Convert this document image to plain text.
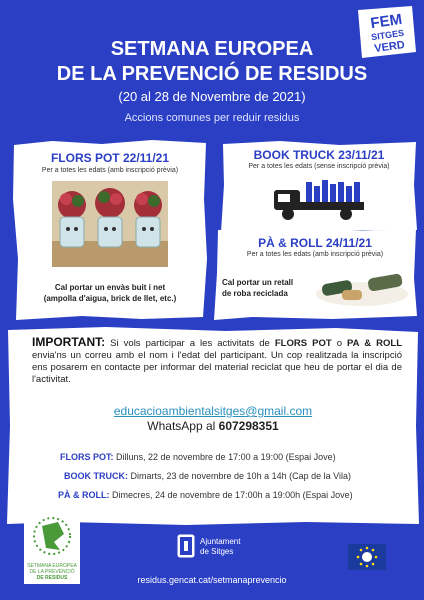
FEM
SITGES
VERD
SETMANA EUROPEA
DE LA PREVENCIÓ DE RESIDUS
(20 al 28 de Novembre de 2021)
Accions comunes per reduir residus
FLORS POT 22/11/21
Per a totes les edats (amb inscripció prèvia)
Cal portar un envàs buit i net
(ampolla d'aigua, brick de llet, etc.)
BOOK TRUCK 23/11/21
Per a totes les edats (sense inscripció prèvia)
PÀ & ROLL 24/11/21
Per a totes les edats (amb inscripció prèvia)
Cal portar un retall
de roba reciclada
IMPORTANT: Si vols participar a les activitats de FLORS POT o PA & ROLL envia'ns un correu amb el nom i l'edat del participant. Un cop realitzada la inscripció ens posarem en contacte per informar del material reciclat que heu de portar el dia de l'activitat.
educacioambientalsitges@gmail.com
WhatsApp al 607298351
FLORS POT: Dilluns, 22 de novembre de 17:00 a 19:00 (Espai Jove)
BOOK TRUCK: Dimarts, 23 de novembre de 10h a 14h (Cap de la Vila)
PÀ & ROLL: Dimecres, 24 de novembre de 17:00h a 19:00h (Espai Jove)
Us esperem!
SETMANA EUROPEA
DE LA PREVENCIÓ
DE RESIDUS
Ajuntament
de Sitges
residus.gencat.cat/setmanaprevencio
